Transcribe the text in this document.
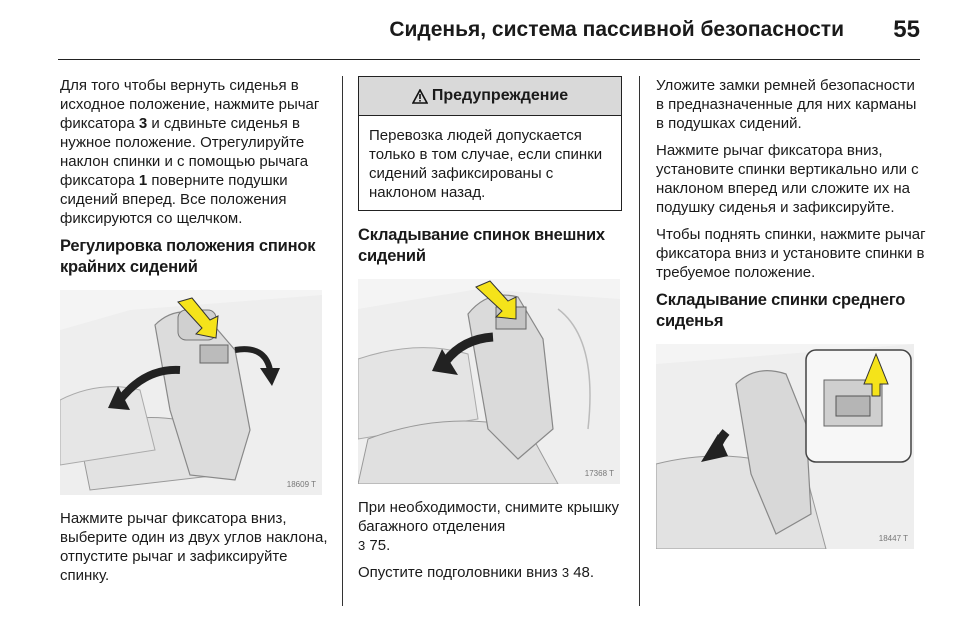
Сиденья, система пассивной безопасности 55

Для того чтобы вернуть сиденья в исходное положение, нажмите рычаг фиксатора 3 и сдвиньте сиденья в нужное положение. Отрегулируйте наклон спинки и с помощью рычага фиксатора 1 поверните подушки сидений вперед. Все положения фиксируются со щелчком.

Регулировка положения спинок крайних сидений
18609 T

Нажмите рычаг фиксатора вниз, выберите один из двух углов наклона, отпустите рычаг и зафиксируйте спинку.

Предупреждение

Перевозка людей допускается только в том случае, если спинки сидений зафиксированы с наклоном назад.

Складывание спинок внешних сидений
17368 T

При необходимости, снимите крышку багажного отделения
3 75.

Опустите подголовники вниз 3 48.

Уложите замки ремней безопасности в предназначенные для них карманы в подушках сидений.

Нажмите рычаг фиксатора вниз, установите спинки вертикально или с наклоном вперед или сложите их на подушку сиденья и зафиксируйте.

Чтобы поднять спинки, нажмите рычаг фиксатора вниз и установите спинки в требуемое положение.

Складывание спинки среднего сиденья
18447 T
